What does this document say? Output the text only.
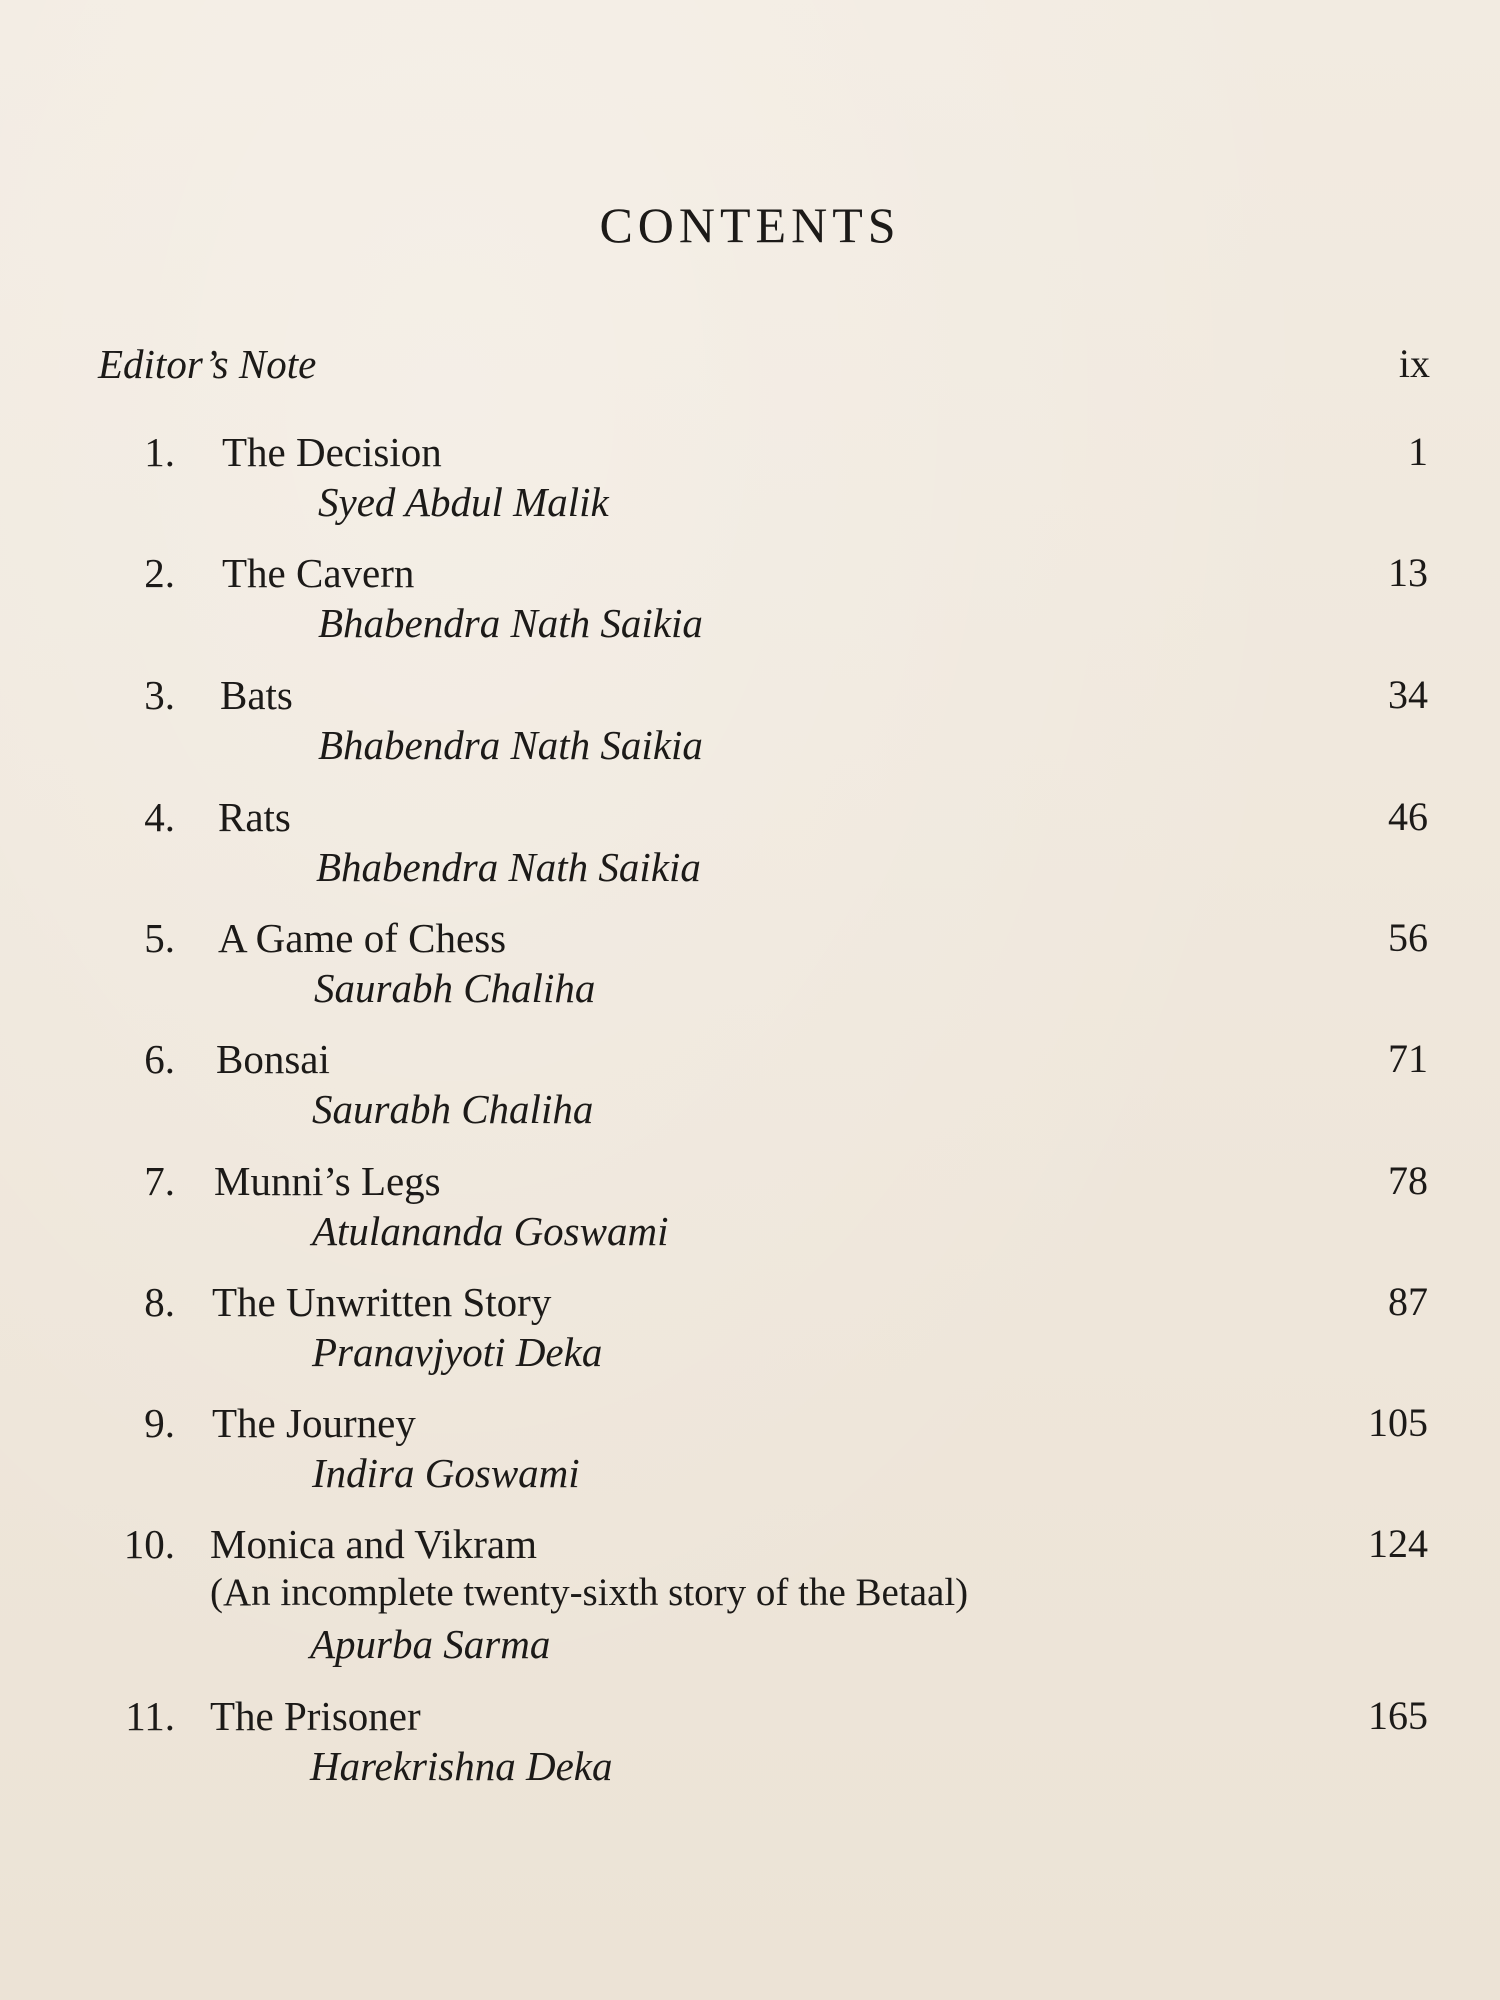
CONTENTS
Editor’s Note	ix
1. The Decision	1
Syed Abdul Malik
2. The Cavern	13
Bhabendra Nath Saikia
3. Bats	34
Bhabendra Nath Saikia
4. Rats	46
Bhabendra Nath Saikia
5. A Game of Chess	56
Saurabh Chaliha
6. Bonsai	71
Saurabh Chaliha
7. Munni’s Legs	78
Atulananda Goswami
8. The Unwritten Story	87
Pranavjyoti Deka
9. The Journey	105
Indira Goswami
10. Monica and Vikram	124
(An incomplete twenty-sixth story of the Betaal)
Apurba Sarma
11. The Prisoner	165
Harekrishna Deka
